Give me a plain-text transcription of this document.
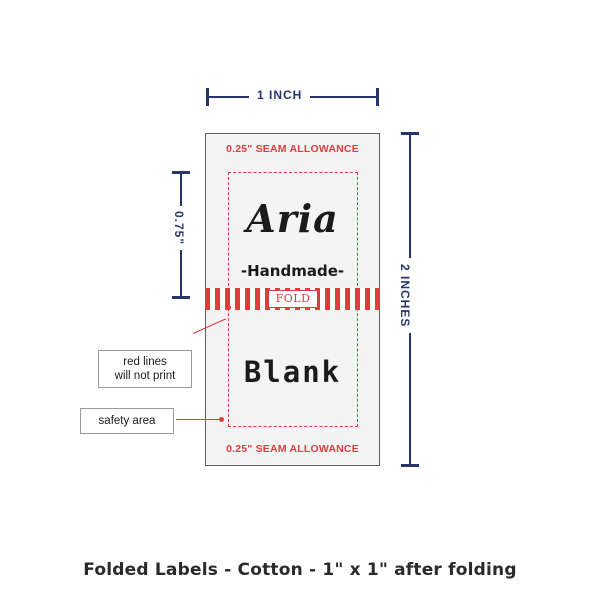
0.25" SEAM ALLOWANCE
0.25" SEAM ALLOWANCE
Aria
-Handmade-
Blank
FOLD
1 INCH
2 INCHES
0.75"
red lines
will not print
safety area
Folded Labels - Cotton - 1" x 1" after folding
